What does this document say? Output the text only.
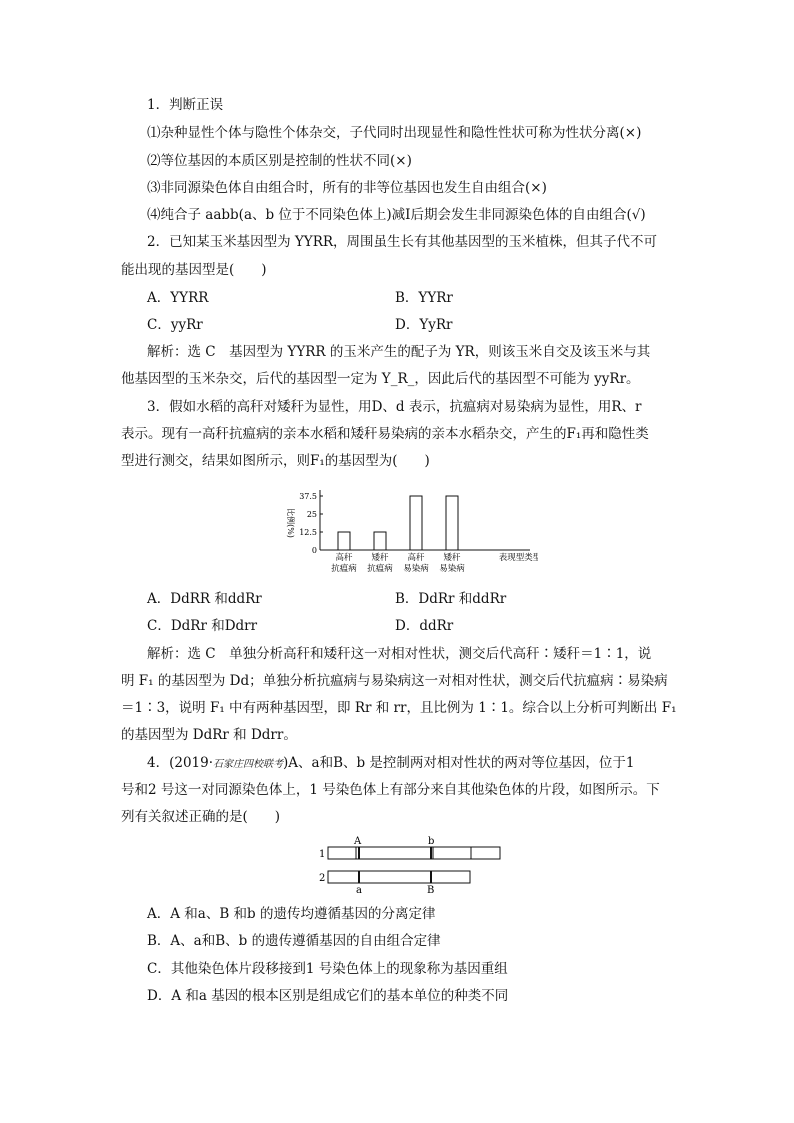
1．判断正误
⑴杂种显性个体与隐性个体杂交，子代同时出现显性和隐性性状可称为性状分离(×)
⑵等位基因的本质区别是控制的性状不同(×)
⑶非同源染色体自由组合时，所有的非等位基因也发生自由组合(×)
⑷纯合子 aabb(a、b 位于不同染色体上)减Ⅰ后期会发生非同源染色体的自由组合(√)
2．已知某玉米基因型为 YYRR，周围虽生长有其他基因型的玉米植株，但其子代不可
能出现的基因型是(　　)
A．YYRR	B．YYRr
C．yyRr	D．YyRr
解析：选 C　基因型为 YYRR 的玉米产生的配子为 YR，则该玉米自交及该玉米与其
他基因型的玉米杂交，后代的基因型一定为 Y_R_，因此后代的基因型不可能为 yyRr。
3．假如水稻的高秆对矮秆为显性，用D、d 表示，抗瘟病对易染病为显性，用R、r
表示。现有一高秆抗瘟病的亲本水稻和矮秆易染病的亲本水稻杂交，产生的F₁再和隐性类
型进行测交，结果如图所示，则F₁的基因型为(　　)
比例(%)
0
12.5
25
37.5
高秆
抗瘟病
矮秆
抗瘟病
高秆
易染病
矮秆
易染病
表现型类型
A．DdRR 和ddRr	B．DdRr 和ddRr
C．DdRr 和Ddrr	D．ddRr
解析：选 C　单独分析高秆和矮秆这一对相对性状，测交后代高秆∶矮秆＝1∶1，说
明 F₁ 的基因型为 Dd；单独分析抗瘟病与易染病这一对相对性状，测交后代抗瘟病∶易染病
＝1∶3，说明 F₁ 中有两种基因型，即 Rr 和 rr，且比例为 1∶1。综合以上分析可判断出 F₁
的基因型为 DdRr 和 Ddrr。
4．(2019·石家庄四校联考)A、a和B、b 是控制两对相对性状的两对等位基因，位于1
号和2 号这一对同源染色体上，1 号染色体上有部分来自其他染色体的片段，如图所示。下
列有关叙述正确的是(　　)
1
A	b
2
a	B
A．A 和a、B 和b 的遗传均遵循基因的分离定律
B．A、a和B、b 的遗传遵循基因的自由组合定律
C．其他染色体片段移接到1 号染色体上的现象称为基因重组
D．A 和a 基因的根本区别是组成它们的基本单位的种类不同
